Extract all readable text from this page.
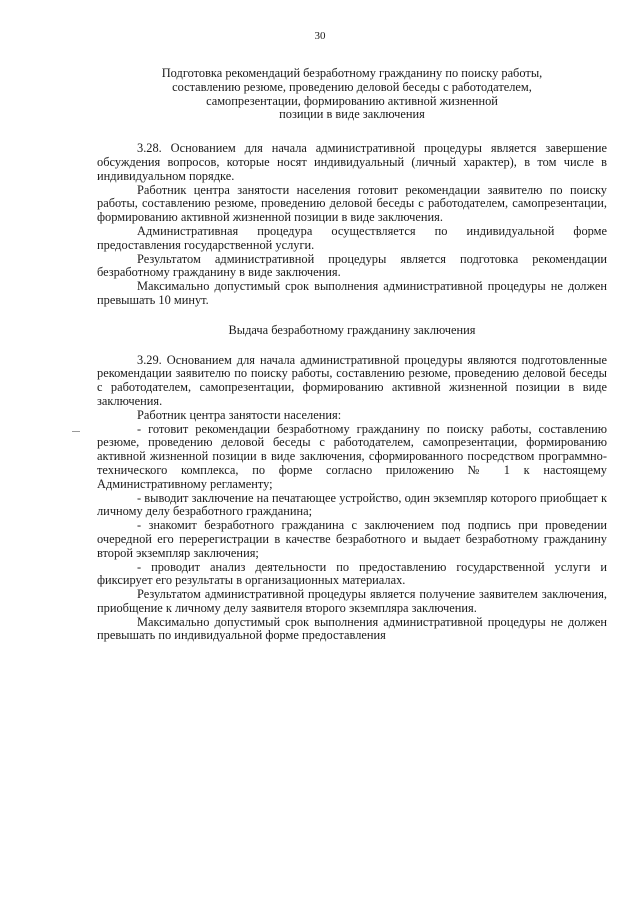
30
Подготовка рекомендаций безработному гражданину по поиску работы,
составлению резюме, проведению деловой беседы с работодателем,
самопрезентации, формированию активной жизненной
позиции в виде заключения

3.28. Основанием для начала административной процедуры является завершение обсуждения вопросов, которые носят индивидуальный (личный характер), в том числе в индивидуальном порядке.

Работник центра занятости населения готовит рекомендации заявителю по поиску работы, составлению резюме, проведению деловой беседы с работодателем, самопрезентации, формированию активной жизненной позиции в виде заключения.

Административная процедура осуществляется по индивидуальной форме предоставления государственной услуги.

Результатом административной процедуры является подготовка рекомендации безработному гражданину в виде заключения.

Максимально допустимый срок выполнения административной процедуры не должен превышать 10 минут.

Выдача безработному гражданину заключения

3.29. Основанием для начала административной процедуры являются подготовленные рекомендации заявителю по поиску работы, составлению резюме, проведению деловой беседы с работодателем, самопрезентации, формированию активной жизненной позиции в виде заключения.

Работник центра занятости населения:

- готовит рекомендации безработному гражданину по поиску работы, составлению резюме, проведению деловой беседы с работодателем, самопрезентации, формированию активной жизненной позиции в виде заключения, сформированного посредством программно-технического комплекса, по форме согласно приложению № 1 к настоящему Административному регламенту;

- выводит заключение на печатающее устройство, один экземпляр которого приобщает к личному делу безработного гражданина;

- знакомит безработного гражданина с заключением под подпись при проведении очередной его перерегистрации в качестве безработного и выдает безработному гражданину второй экземпляр заключения;

- проводит анализ деятельности по предоставлению государственной услуги и фиксирует его результаты в организационных материалах.

Результатом административной процедуры является получение заявителем заключения, приобщение к личному делу заявителя второго экземпляра заключения.

Максимально допустимый срок выполнения административной процедуры не должен превышать по индивидуальной форме предоставления
